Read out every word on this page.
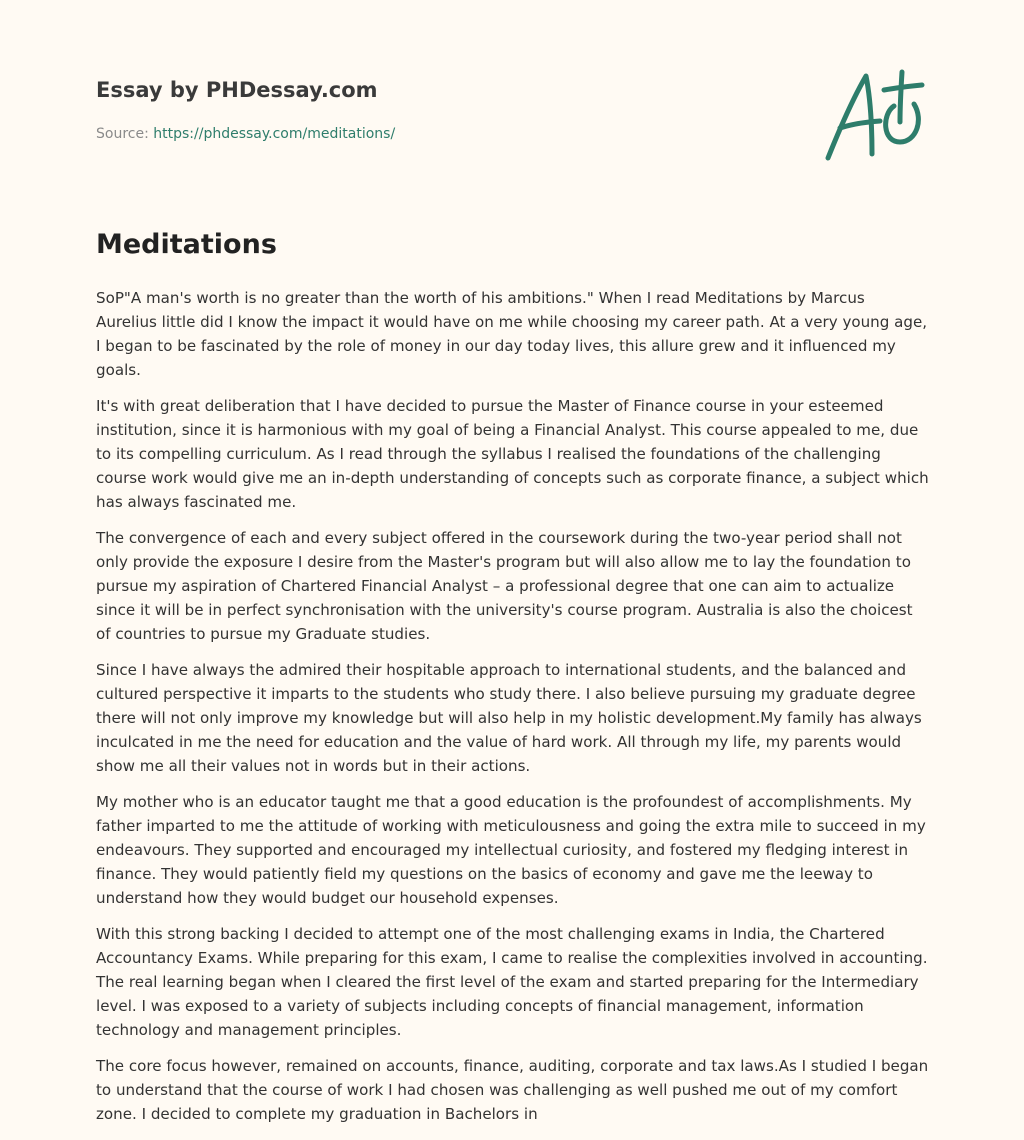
Essay by PHDessay.com
Source: https://phdessay.com/meditations/
Meditations

SoP"A man's worth is no greater than the worth of his ambitions." When I read Meditations by Marcus Aurelius little did I know the impact it would have on me while choosing my career path. At a very young age, I began to be fascinated by the role of money in our day today lives, this allure grew and it influenced my goals.

It's with great deliberation that I have decided to pursue the Master of Finance course in your esteemed institution, since it is harmonious with my goal of being a Financial Analyst. This course appealed to me, due to its compelling curriculum. As I read through the syllabus I realised the foundations of the challenging course work would give me an in-depth understanding of concepts such as corporate finance, a subject which has always fascinated me.

The convergence of each and every subject offered in the coursework during the two-year period shall not only provide the exposure I desire from the Master's program but will also allow me to lay the foundation to pursue my aspiration of Chartered Financial Analyst – a professional degree that one can aim to actualize since it will be in perfect synchronisation with the university's course program. Australia is also the choicest of countries to pursue my Graduate studies.

Since I have always the admired their hospitable approach to international students, and the balanced and cultured perspective it imparts to the students who study there. I also believe pursuing my graduate degree there will not only improve my knowledge but will also help in my holistic development.My family has always inculcated in me the need for education and the value of hard work. All through my life, my parents would show me all their values not in words but in their actions.

My mother who is an educator taught me that a good education is the profoundest of accomplishments. My father imparted to me the attitude of working with meticulousness and going the extra mile to succeed in my endeavours. They supported and encouraged my intellectual curiosity, and fostered my fledging interest in finance. They would patiently field my questions on the basics of economy and gave me the leeway to understand how they would budget our household expenses.

With this strong backing I decided to attempt one of the most challenging exams in India, the Chartered Accountancy Exams. While preparing for this exam, I came to realise the complexities involved in accounting. The real learning began when I cleared the first level of the exam and started preparing for the Intermediary level. I was exposed to a variety of subjects including concepts of financial management, information technology and management principles.

The core focus however, remained on accounts, finance, auditing, corporate and tax laws.As I studied I began to understand that the course of work I had chosen was challenging as well pushed me out of my comfort zone. I decided to complete my graduation in Bachelors in
